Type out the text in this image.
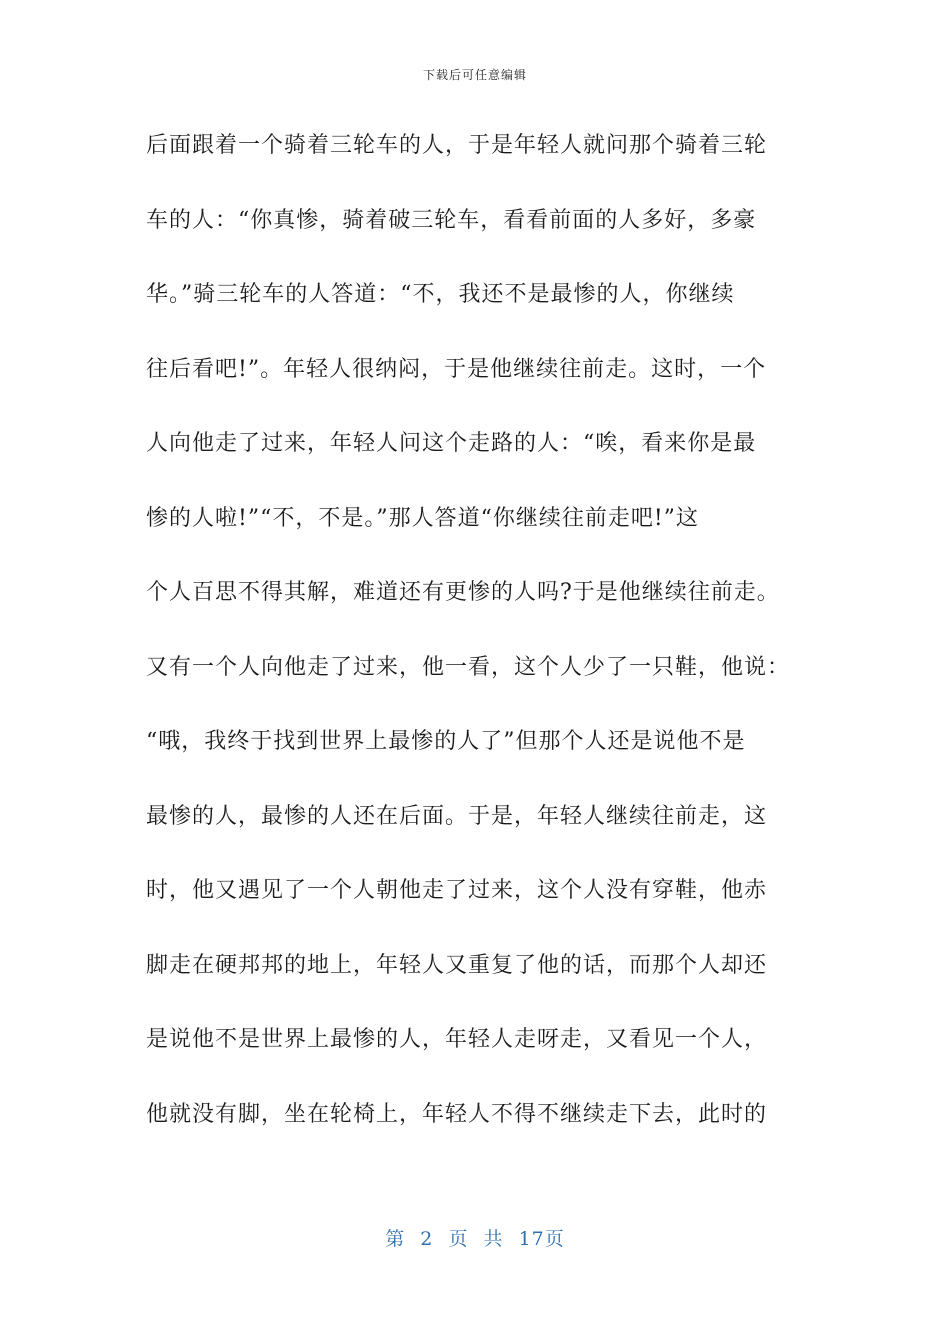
下载后可任意编辑
后面跟着一个骑着三轮车的人，于是年轻人就问那个骑着三轮
车的人：“你真惨，骑着破三轮车，看看前面的人多好，多豪
华。”骑三轮车的人答道：“不，我还不是最惨的人，你继续
往后看吧!”。年轻人很纳闷，于是他继续往前走。这时，一个
人向他走了过来，年轻人问这个走路的人：“唉，看来你是最
惨的人啦!”“不，不是。”那人答道“你继续往前走吧!”这
个人百思不得其解，难道还有更惨的人吗?于是他继续往前走。
又有一个人向他走了过来，他一看，这个人少了一只鞋，他说：
“哦，我终于找到世界上最惨的人了”但那个人还是说他不是
最惨的人，最惨的人还在后面。于是，年轻人继续往前走，这
时，他又遇见了一个人朝他走了过来，这个人没有穿鞋，他赤
脚走在硬邦邦的地上，年轻人又重复了他的话，而那个人却还
是说他不是世界上最惨的人，年轻人走呀走，又看见一个人，
他就没有脚，坐在轮椅上，年轻人不得不继续走下去，此时的
第 2 页 共 17页
